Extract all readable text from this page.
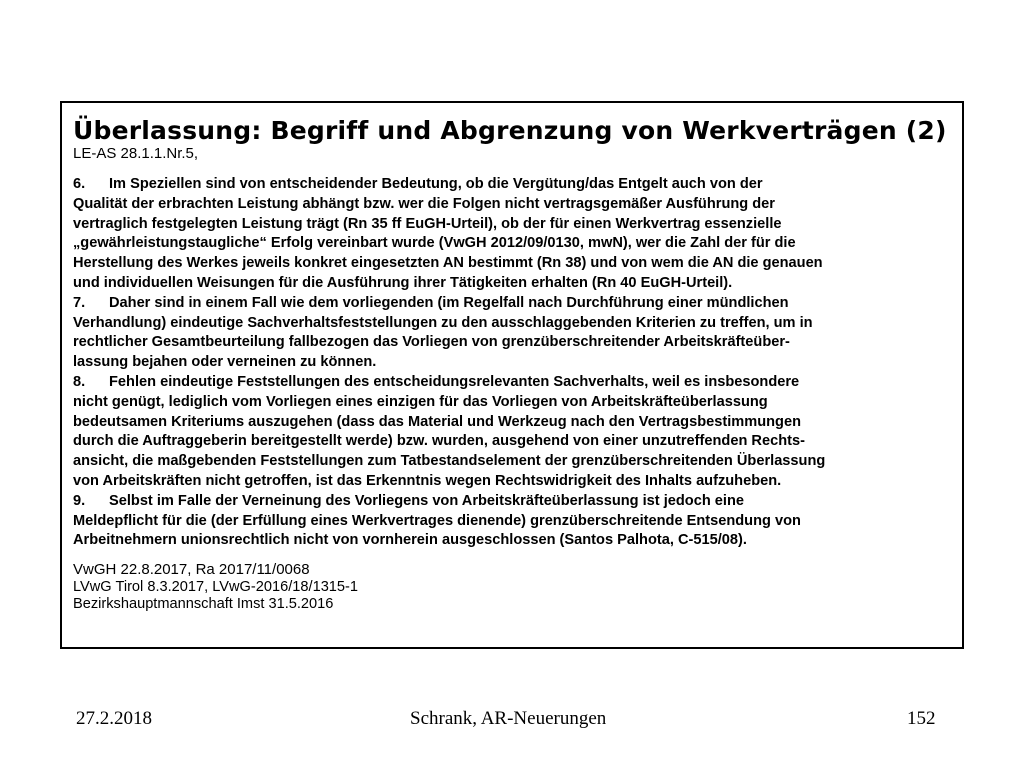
Überlassung: Begriff und Abgrenzung von Werkverträgen (2)

LE-AS 28.1.1.Nr.5,

6. Im Speziellen sind von entscheidender Bedeutung, ob die Vergütung/das Entgelt auch von der

Qualität der erbrachten Leistung abhängt bzw. wer die Folgen nicht vertragsgemäßer Ausführung der

vertraglich festgelegten Leistung trägt (Rn 35 ff EuGH-Urteil), ob der für einen Werkvertrag essenzielle

„gewährleistungstaugliche“ Erfolg vereinbart wurde (VwGH 2012/09/0130, mwN), wer die Zahl der für die

Herstellung des Werkes jeweils konkret eingesetzten AN bestimmt (Rn 38) und von wem die AN die genauen

und individuellen Weisungen für die Ausführung ihrer Tätigkeiten erhalten (Rn 40 EuGH-Urteil).

7. Daher sind in einem Fall wie dem vorliegenden (im Regelfall nach Durchführung einer mündlichen

Verhandlung) eindeutige Sachverhaltsfeststellungen zu den ausschlaggebenden Kriterien zu treffen, um in

rechtlicher Gesamtbeurteilung fallbezogen das Vorliegen von grenzüberschreitender Arbeitskräfteüber-

lassung bejahen oder verneinen zu können.

8. Fehlen eindeutige Feststellungen des entscheidungsrelevanten Sachverhalts, weil es insbesondere

nicht genügt, lediglich vom Vorliegen eines einzigen für das Vorliegen von Arbeitskräfteüberlassung

bedeutsamen Kriteriums auszugehen (dass das Material und Werkzeug nach den Vertragsbestimmungen

durch die Auftraggeberin bereitgestellt werde) bzw. wurden, ausgehend von einer unzutreffenden Rechts-

ansicht, die maßgebenden Feststellungen zum Tatbestandselement der grenzüberschreitenden Überlassung

von Arbeitskräften nicht getroffen, ist das Erkenntnis wegen Rechtswidrigkeit des Inhalts aufzuheben.

9. Selbst im Falle der Verneinung des Vorliegens von Arbeitskräfteüberlassung ist jedoch eine

Meldepflicht für die (der Erfüllung eines Werkvertrages dienende) grenzüberschreitende Entsendung von

Arbeitnehmern unionsrechtlich nicht von vornherein ausgeschlossen (Santos Palhota, C-515/08).

VwGH 22.8.2017, Ra 2017/11/0068

LVwG Tirol 8.3.2017, LVwG-2016/18/1315-1

Bezirkshauptmannschaft Imst 31.5.2016

27.2.2018	Schrank, AR-Neuerungen	152
